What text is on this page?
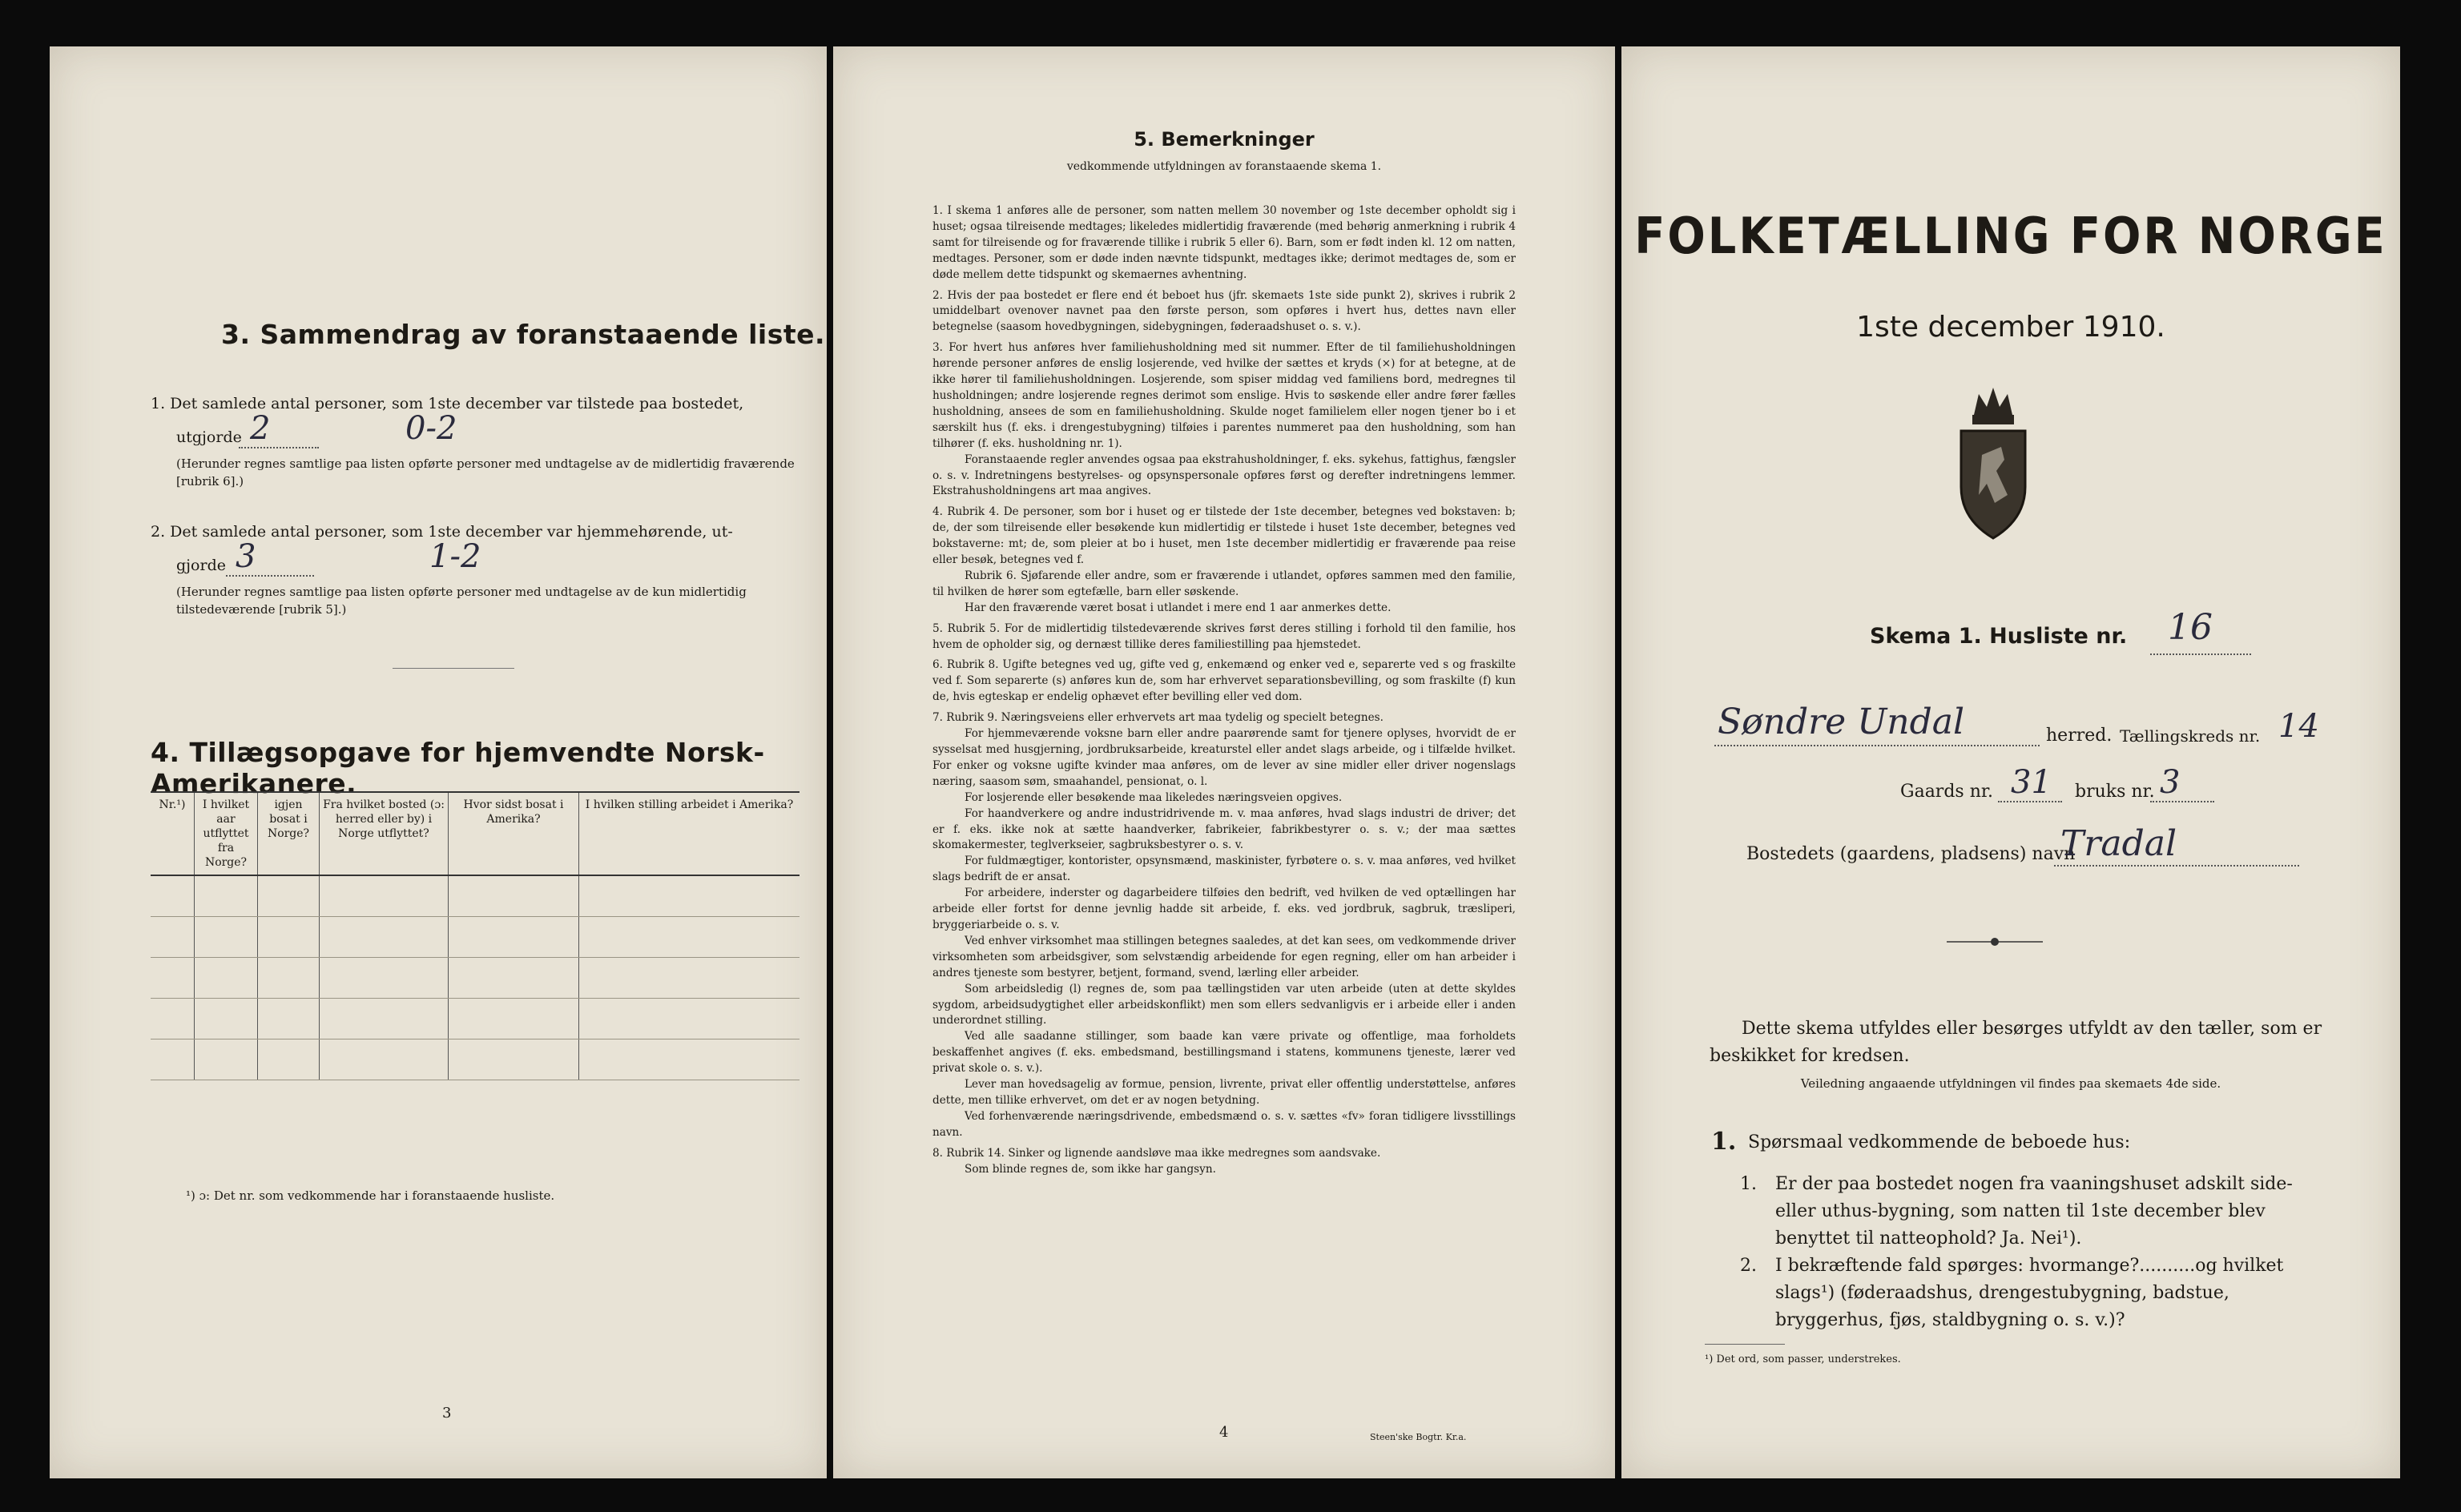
3. Sammendrag av foranstaaende liste.
1. Det samlede antal personer, som 1ste december var tilstede paa bostedet,
utgjorde 2	0-2
(Herunder regnes samtlige paa listen opførte personer med undtagelse av de midlertidig fraværende [rubrik 6].)
2. Det samlede antal personer, som 1ste december var hjemmehørende, ut-
gjorde 3	1-2
(Herunder regnes samtlige paa listen opførte personer med undtagelse av de kun midlertidig tilstedeværende [rubrik 5].)
4. Tillægsopgave for hjemvendte Norsk-Amerikanere.
Nr.¹)	I hvilket aar utflyttet fra Norge?	igjen bosat i Norge?	Fra hvilket bosted (ɔ: herred eller by) i Norge utflyttet?	Hvor sidst bosat i Amerika?	I hvilken stilling arbeidet i Amerika?

¹) ɔ: Det nr. som vedkommende har i foranstaaende husliste.
3
5. Bemerkninger
vedkommende utfyldningen av foranstaaende skema 1.
1. I skema 1 anføres alle de personer, som natten mellem 30 november og 1ste december opholdt sig i huset; ogsaa tilreisende medtages; likeledes midlertidig fraværende (med behørig anmerkning i rubrik 4 samt for tilreisende og for fraværende tillike i rubrik 5 eller 6). Barn, som er født inden kl. 12 om natten, medtages. Personer, som er døde inden nævnte tidspunkt, medtages ikke; derimot medtages de, som er døde mellem dette tidspunkt og skemaernes avhentning.
2. Hvis der paa bostedet er flere end ét beboet hus (jfr. skemaets 1ste side punkt 2), skrives i rubrik 2 umiddelbart ovenover navnet paa den første person, som opføres i hvert hus, dettes navn eller betegnelse (saasom hovedbygningen, sidebygningen, føderaadshuset o. s. v.).
3. For hvert hus anføres hver familiehusholdning med sit nummer. Efter de til familiehusholdningen hørende personer anføres de enslig losjerende, ved hvilke der sættes et kryds (×) for at betegne, at de ikke hører til familiehusholdningen. Losjerende, som spiser middag ved familiens bord, medregnes til husholdningen; andre losjerende regnes derimot som enslige. Hvis to søskende eller andre fører fælles husholdning, ansees de som en familiehusholdning. Skulde noget familielem eller nogen tjener bo i et særskilt hus (f. eks. i drengestubygning) tilføies i parentes nummeret paa den husholdning, som han tilhører (f. eks. husholdning nr. 1).
Foranstaaende regler anvendes ogsaa paa ekstrahusholdninger, f. eks. sykehus, fattighus, fængsler o. s. v. Indretningens bestyrelses- og opsynspersonale opføres først og derefter indretningens lemmer. Ekstrahusholdningens art maa angives.
4. Rubrik 4. De personer, som bor i huset og er tilstede der 1ste december, betegnes ved bokstaven: b; de, der som tilreisende eller besøkende kun midlertidig er tilstede i huset 1ste december, betegnes ved bokstaverne: mt; de, som pleier at bo i huset, men 1ste december midlertidig er fraværende paa reise eller besøk, betegnes ved f.
Rubrik 6. Sjøfarende eller andre, som er fraværende i utlandet, opføres sammen med den familie, til hvilken de hører som egtefælle, barn eller søskende.
Har den fraværende været bosat i utlandet i mere end 1 aar anmerkes dette.
5. Rubrik 5. For de midlertidig tilstedeværende skrives først deres stilling i forhold til den familie, hos hvem de opholder sig, og dernæst tillike deres familiestilling paa hjemstedet.
6. Rubrik 8. Ugifte betegnes ved ug, gifte ved g, enkemænd og enker ved e, separerte ved s og fraskilte ved f. Som separerte (s) anføres kun de, som har erhvervet separationsbevilling, og som fraskilte (f) kun de, hvis egteskap er endelig ophævet efter bevilling eller ved dom.
7. Rubrik 9. Næringsveiens eller erhvervets art maa tydelig og specielt betegnes.
For hjemmeværende voksne barn eller andre paarørende samt for tjenere oplyses, hvorvidt de er sysselsat med husgjerning, jordbruksarbeide, kreaturstel eller andet slags arbeide, og i tilfælde hvilket. For enker og voksne ugifte kvinder maa anføres, om de lever av sine midler eller driver nogenslags næring, saasom søm, smaahandel, pensionat, o. l.
For losjerende eller besøkende maa likeledes næringsveien opgives.
For haandverkere og andre industridrivende m. v. maa anføres, hvad slags industri de driver; det er f. eks. ikke nok at sætte haandverker, fabrikeier, fabrikbestyrer o. s. v.; der maa sættes skomakermester, teglverkseier, sagbruksbestyrer o. s. v.
For fuldmægtiger, kontorister, opsynsmænd, maskinister, fyrbøtere o. s. v. maa anføres, ved hvilket slags bedrift de er ansat.
For arbeidere, inderster og dagarbeidere tilføies den bedrift, ved hvilken de ved optællingen har arbeide eller fortst for denne jevnlig hadde sit arbeide, f. eks. ved jordbruk, sagbruk, træsliperi, bryggeriarbeide o. s. v.
Ved enhver virksomhet maa stillingen betegnes saaledes, at det kan sees, om vedkommende driver virksomheten som arbeidsgiver, som selvstændig arbeidende for egen regning, eller om han arbeider i andres tjeneste som bestyrer, betjent, formand, svend, lærling eller arbeider.
Som arbeidsledig (l) regnes de, som paa tællingstiden var uten arbeide (uten at dette skyldes sygdom, arbeidsudygtighet eller arbeidskonflikt) men som ellers sedvanligvis er i arbeide eller i anden underordnet stilling.
Ved alle saadanne stillinger, som baade kan være private og offentlige, maa forholdets beskaffenhet angives (f. eks. embedsmand, bestillingsmand i statens, kommunens tjeneste, lærer ved privat skole o. s. v.).
Lever man hovedsagelig av formue, pension, livrente, privat eller offentlig understøttelse, anføres dette, men tillike erhvervet, om det er av nogen betydning.
Ved forhenværende næringsdrivende, embedsmænd o. s. v. sættes «fv» foran tidligere livsstillings navn.
8. Rubrik 14. Sinker og lignende aandsløve maa ikke medregnes som aandsvake.
Som blinde regnes de, som ikke har gangsyn.
4	Steen'ske Bogtr. Kr.a.
FOLKETÆLLING FOR NORGE
1ste december 1910.
Skema 1. Husliste nr. 16
Søndre Undal	herred. Tællingskreds nr. 14
Gaards nr. 31 bruks nr. 3
Bostedets (gaardens, pladsens) navn
Tradal
Dette skema utfyldes eller besørges utfyldt av den tæller, som er beskikket for kredsen.
Veiledning angaaende utfyldningen vil findes paa skemaets 4de side.
1. Spørsmaal vedkommende de beboede hus:
1. Er der paa bostedet nogen fra vaaningshuset adskilt side- eller uthus-bygning, som natten til 1ste december blev benyttet til natteophold? Ja. Nei¹).
2. I bekræftende fald spørges: hvormange?..........og hvilket slags¹) (føderaadshus, drengestubygning, badstue, bryggerhus, fjøs, staldbygning o. s. v.)?
¹) Det ord, som passer, understrekes.
